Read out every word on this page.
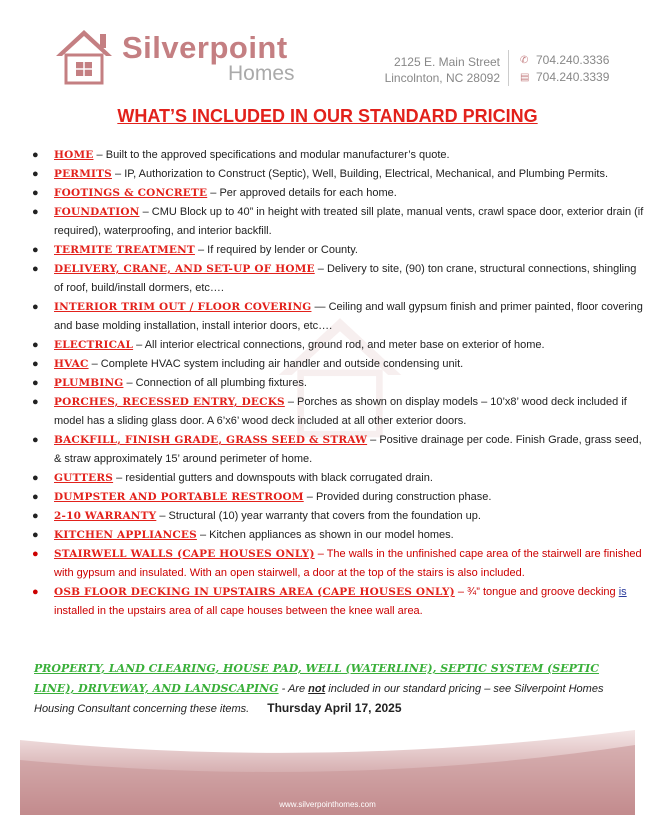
Silverpoint
Homes	2125 E. Main Street
Lincolnton, NC 28092
✆ 704.240.3336
▤ 704.240.3339
WHAT’S INCLUDED IN OUR STANDARD PRICING
● HOME – Built to the approved specifications and modular manufacturer’s quote.
● PERMITS – IP, Authorization to Construct (Septic), Well, Building, Electrical, Mechanical, and Plumbing Permits.
● FOOTINGS & CONCRETE – Per approved details for each home.
● FOUNDATION – CMU Block up to 40” in height with treated sill plate, manual vents, crawl space door, exterior drain (if required), waterproofing, and interior backfill.
● TERMITE TREATMENT – If required by lender or County.
● DELIVERY, CRANE, AND SET-UP OF HOME – Delivery to site, (90) ton crane, structural connections, shingling of roof, build/install dormers, etc….
● INTERIOR TRIM OUT / FLOOR COVERING — Ceiling and wall gypsum finish and primer painted, floor covering and base molding installation, install interior doors, etc….
● ELECTRICAL – All interior electrical connections, ground rod, and meter base on exterior of home.
● HVAC – Complete HVAC system including air handler and outside condensing unit.
● PLUMBING – Connection of all plumbing fixtures.
● PORCHES, RECESSED ENTRY, DECKS – Porches as shown on display models – 10’x8’ wood deck included if model has a sliding glass door. A 6’x6’ wood deck included at all other exterior doors.
● BACKFILL, FINISH GRADE, GRASS SEED & STRAW – Positive drainage per code. Finish Grade, grass seed, & straw approximately 15’ around perimeter of home.
● GUTTERS – residential gutters and downspouts with black corrugated drain.
● DUMPSTER AND PORTABLE RESTROOM – Provided during construction phase.
● 2-10 WARRANTY – Structural (10) year warranty that covers from the foundation up.
● KITCHEN APPLIANCES – Kitchen appliances as shown in our model homes.
● STAIRWELL WALLS (CAPE HOUSES ONLY) – The walls in the unfinished cape area of the stairwell are finished with gypsum and insulated. With an open stairwell, a door at the top of the stairs is also included.
● OSB FLOOR DECKING IN UPSTAIRS AREA (CAPE HOUSES ONLY) – ¾” tongue and groove decking is installed in the upstairs area of all cape houses between the knee wall area.
PROPERTY, LAND CLEARING, HOUSE PAD, WELL (WATERLINE), SEPTIC SYSTEM (SEPTIC LINE), DRIVEWAY, AND LANDSCAPING - Are not included in our standard pricing – see Silverpoint Homes Housing Consultant concerning these items. Thursday April 17, 2025
www.silverpointhomes.com
